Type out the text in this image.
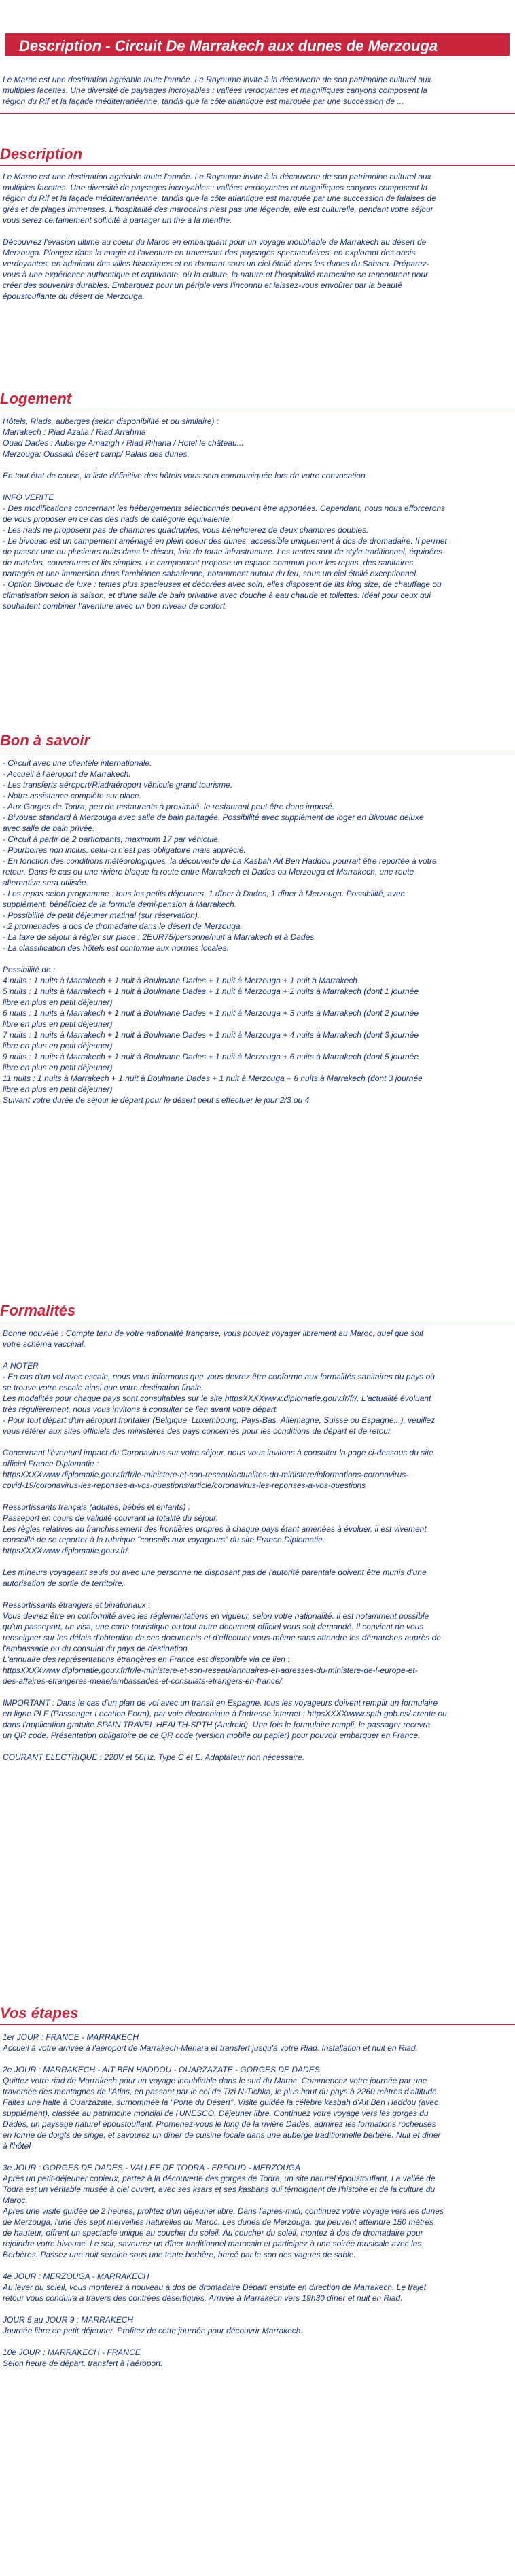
Description - Circuit De Marrakech aux dunes de Merzouga
Le Maroc est une destination agréable toute l'année. Le Royaume invite à la découverte de son patrimoine culturel aux
multiples facettes. Une diversité de paysages incroyables : vallées verdoyantes et magnifiques canyons composent la
région du Rif et la façade méditerranéenne, tandis que la côte atlantique est marquée par une succession de ...
Description
Le Maroc est une destination agréable toute l'année. Le Royaume invite à la découverte de son patrimoine culturel aux
multiples facettes. Une diversité de paysages incroyables : vallées verdoyantes et magnifiques canyons composent la
région du Rif et la façade méditerranéenne, tandis que la côte atlantique est marquée par une succession de falaises de
grès et de plages immenses. L'hospitalité des marocains n'est pas une légende, elle est culturelle, pendant votre séjour
vous serez certainement sollicité à partager un thé à la menthe.
Découvrez l'évasion ultime au coeur du Maroc en embarquant pour un voyage inoubliable de Marrakech au désert de
Merzouga. Plongez dans la magie et l'aventure en traversant des paysages spectaculaires, en explorant des oasis
verdoyantes, en admirant des villes historiques et en dormant sous un ciel étoilé dans les dunes du Sahara. Préparez-
vous à une expérience authentique et captivante, où la culture, la nature et l'hospitalité marocaine se rencontrent pour
créer des souvenirs durables. Embarquez pour un périple vers l'inconnu et laissez-vous envoûter par la beauté
époustouflante du désert de Merzouga.
Logement
Hôtels, Riads, auberges (selon disponibilité et ou similaire) :
Marrakech : Riad Azalia / Riad Arrahma
Ouad Dades : Auberge Amazigh / Riad Rihana / Hotel le château...
Merzouga: Oussadi désert camp/ Palais des dunes.
En tout état de cause, la liste définitive des hôtels vous sera communiquée lors de votre convocation.
INFO VERITE
- Des modifications concernant les hébergements sélectionnés peuvent être apportées. Cependant, nous nous efforcerons
de vous proposer en ce cas des riads de catégorie équivalente.
- Les riads ne proposent pas de chambres quadruples, vous bénéficierez de deux chambres doubles.
- Le bivouac est un campement aménagé en plein coeur des dunes, accessible uniquement à dos de dromadaire. Il permet
de passer une ou plusieurs nuits dans le désert, loin de toute infrastructure. Les tentes sont de style traditionnel, équipées
de matelas, couvertures et lits simples. Le campement propose un espace commun pour les repas, des sanitaires
partagés et une immersion dans l'ambiance saharienne, notamment autour du feu, sous un ciel étoilé exceptionnel.
- Option Bivouac de luxe : tentes plus spacieuses et décorées avec soin, elles disposent de lits king size, de chauffage ou
climatisation selon la saison, et d'une salle de bain privative avec douche à eau chaude et toilettes. Idéal pour ceux qui
souhaitent combiner l'aventure avec un bon niveau de confort.
Bon à savoir
- Circuit avec une clientèle internationale.
- Accueil à l'aéroport de Marrakech.
- Les transferts aéroport/Riad/aéroport véhicule grand tourisme.
- Notre assistance complète sur place.
- Aux Gorges de Todra, peu de restaurants à proximité, le restaurant peut être donc imposé.
- Bivouac standard à Merzouga avec salle de bain partagée. Possibilité avec supplément de loger en Bivouac deluxe
avec salle de bain privée.
- Circuit à partir de 2 participants, maximum 17 par véhicule.
- Pourboires non inclus, celui-ci n'est pas obligatoire mais apprécié.
- En fonction des conditions météorologiques, la découverte de La Kasbah Ait Ben Haddou pourrait être reportée à votre
retour. Dans le cas ou une rivière bloque la route entre Marrakech et Dades ou Merzouga et Marrakech, une route
alternative sera utilisée.
- Les repas selon programme : tous les petits déjeuners, 1 dîner à Dades, 1 dîner à Merzouga. Possibilité, avec
supplément, bénéficiez de la formule demi-pension à Marrakech.
- Possibilité de petit déjeuner matinal (sur réservation).
- 2 promenades à dos de dromadaire dans le désert de Merzouga.
- La taxe de séjour à régler sur place : 2EUR75/personne/nuit à Marrakech et à Dades.
- La classification des hôtels est conforme aux normes locales.
Possibilité de :
4 nuits : 1 nuits à Marrakech + 1 nuit à Boulmane Dades + 1 nuit à Merzouga + 1 nuit à Marrakech
5 nuits : 1 nuits à Marrakech + 1 nuit à Boulmane Dades + 1 nuit à Merzouga + 2 nuits à Marrakech (dont 1 journée
libre en plus en petit déjeuner)
6 nuits : 1 nuits à Marrakech + 1 nuit à Boulmane Dades + 1 nuit à Merzouga + 3 nuits à Marrakech (dont 2 journée
libre en plus en petit déjeuner)
7 nuits : 1 nuits à Marrakech + 1 nuit à Boulmane Dades + 1 nuit à Merzouga + 4 nuits à Marrakech (dont 3 journée
libre en plus en petit déjeuner)
9 nuits : 1 nuits à Marrakech + 1 nuit à Boulmane Dades + 1 nuit à Merzouga + 6 nuits à Marrakech (dont 5 journée
libre en plus en petit déjeuner)
11 nuits : 1 nuits à Marrakech + 1 nuit à Boulmane Dades + 1 nuit à Merzouga + 8 nuits à Marrakech (dont 3 journée
libre en plus en petit déjeuner)
Suivant votre durée de séjour le départ pour le désert peut s'effectuer le jour 2/3 ou 4
Formalités
Bonne nouvelle : Compte tenu de votre nationalité française, vous pouvez voyager librement au Maroc, quel que soit
votre schéma vaccinal.
A NOTER
- En cas d'un vol avec escale, nous vous informons que vous devrez être conforme aux formalités sanitaires du pays où
se trouve votre escale ainsi que votre destination finale.
Les modalités pour chaque pays sont consultables sur le site httpsXXXXwww.diplomatie.gouv.fr/fr/. L'actualité évoluant
très régulièrement, nous vous invitons à consulter ce lien avant votre départ.
- Pour tout départ d'un aéroport frontalier (Belgique, Luxembourg, Pays-Bas, Allemagne, Suisse ou Espagne...), veuillez
vous référer aux sites officiels des ministères des pays concernés pour les conditions de départ et de retour.
Concernant l'éventuel impact du Coronavirus sur votre séjour, nous vous invitons à consulter la page ci-dessous du site
officiel France Diplomatie :
httpsXXXXwww.diplomatie.gouv.fr/fr/le-ministere-et-son-reseau/actualites-du-ministere/informations-coronavirus-
covid-19/coronavirus-les-reponses-a-vos-questions/article/coronavirus-les-reponses-a-vos-questions
Ressortissants français (adultes, bébés et enfants) :
Passeport en cours de validité couvrant la totalité du séjour.
Les règles relatives au franchissement des frontières propres à chaque pays étant amenées à évoluer, il est vivement
conseillé de se reporter à la rubrique "conseils aux voyageurs" du site France Diplomatie,
httpsXXXXwww.diplomatie.gouv.fr/.
Les mineurs voyageant seuls ou avec une personne ne disposant pas de l'autorité parentale doivent être munis d'une
autorisation de sortie de territoire.
Ressortissants étrangers et binationaux :
Vous devrez être en conformité avec les réglementations en vigueur, selon votre nationalité. Il est notamment possible
qu'un passeport, un visa, une carte touristique ou tout autre document officiel vous soit demandé. Il convient de vous
renseigner sur les délais d'obtention de ces documents et d'effectuer vous-même sans attendre les démarches auprès de
l'ambassade ou du consulat du pays de destination.
L'annuaire des représentations étrangères en France est disponible via ce lien :
httpsXXXXwww.diplomatie.gouv.fr/fr/le-ministere-et-son-reseau/annuaires-et-adresses-du-ministere-de-l-europe-et-
des-affaires-etrangeres-meae/ambassades-et-consulats-etrangers-en-france/
IMPORTANT : Dans le cas d'un plan de vol avec un transit en Espagne, tous les voyageurs doivent remplir un formulaire
en ligne PLF (Passenger Location Form), par voie électronique à l'adresse internet : httpsXXXXwww.spth.gob.es/ create ou
dans l'application gratuite SPAIN TRAVEL HEALTH-SPTH (Android). Une fois le formulaire rempli, le passager recevra
un QR code. Présentation obligatoire de ce QR code (version mobile ou papier) pour pouvoir embarquer en France.
COURANT ELECTRIQUE : 220V et 50Hz. Type C et E. Adaptateur non nécessaire.
Vos étapes
1er JOUR : FRANCE - MARRAKECH
Accueil à votre arrivée à l'aéroport de Marrakech-Menara et transfert jusqu'à votre Riad. Installation et nuit en Riad.
2e JOUR : MARRAKECH - AIT BEN HADDOU - OUARZAZATE - GORGES DE DADES
Quittez votre riad de Marrakech pour un voyage inoubliable dans le sud du Maroc. Commencez votre journée par une
traversée des montagnes de l'Atlas, en passant par le col de Tizi N-Tichka, le plus haut du pays à 2260 mètres d'altitude.
Faites une halte à Ouarzazate, surnommée la "Porte du Désert". Visite guidée la célèbre kasbah d'Ait Ben Haddou (avec
supplément), classée au patrimoine mondial de l'UNESCO. Déjeuner libre. Continuez votre voyage vers les gorges du
Dadès, un paysage naturel époustouflant. Promenez-vous le long de la rivière Dadès, admirez les formations rocheuses
en forme de doigts de singe, et savourez un dîner de cuisine locale dans une auberge traditionnelle berbère. Nuit et dîner
à l'hôtel
3e JOUR : GORGES DE DADES - VALLEE DE TODRA - ERFOUD - MERZOUGA
Après un petit-déjeuner copieux, partez à la découverte des gorges de Todra, un site naturel époustouflant. La vallée de
Todra est un véritable musée à ciel ouvert, avec ses ksars et ses kasbahs qui témoignent de l'histoire et de la culture du
Maroc.
Après une visite guidée de 2 heures, profitez d'un déjeuner libre. Dans l'après-midi, continuez votre voyage vers les dunes
de Merzouga, l'une des sept merveilles naturelles du Maroc. Les dunes de Merzouga, qui peuvent atteindre 150 mètres
de hauteur, offrent un spectacle unique au coucher du soleil. Au coucher du soleil, montez à dos de dromadaire pour
rejoindre votre bivouac. Le soir, savourez un dîner traditionnel marocain et participez à une soirée musicale avec les
Berbères. Passez une nuit sereine sous une tente berbère, bercé par le son des vagues de sable.
4e JOUR : MERZOUGA - MARRAKECH
Au lever du soleil, vous monterez à nouveau à dos de dromadaire Départ ensuite en direction de Marrakech. Le trajet
retour vous conduira à travers des contrées désertiques. Arrivée à Marrakech vers 19h30 dîner et nuit en Riad.
JOUR 5 au JOUR 9 : MARRAKECH
Journée libre en petit déjeuner. Profitez de cette journée pour découvrir Marrakech.
10e JOUR : MARRAKECH - FRANCE
Selon heure de départ, transfert à l'aéroport.
